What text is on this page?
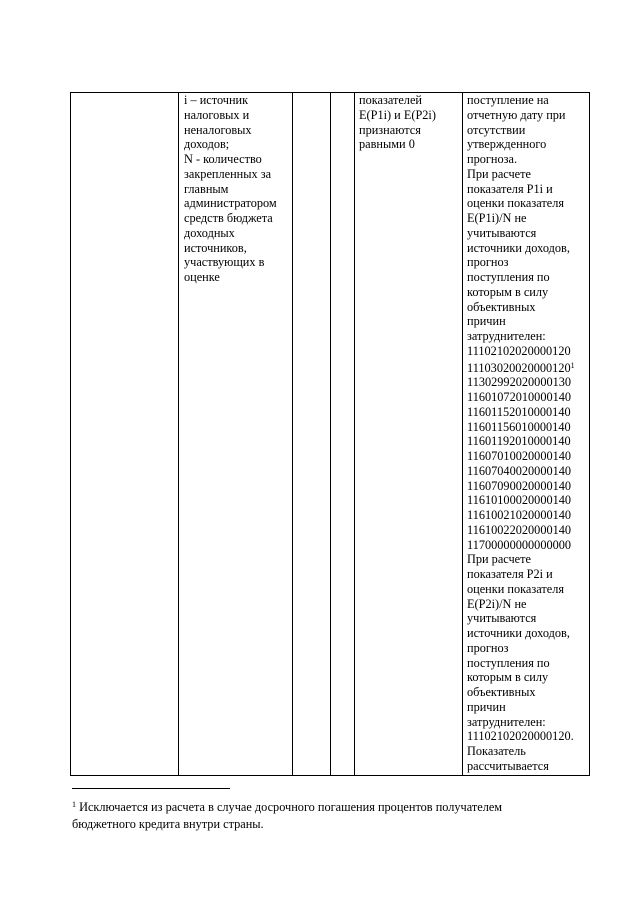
i – источник
налоговых и
неналоговых
доходов;
N - количество
закрепленных за
главным
администратором
средств бюджета
доходных
источников,
участвующих в
оценке
показателей
E(P1i) и E(P2i)
признаются
равными 0
поступление на
отчетную дату при
отсутствии
утвержденного
прогноза.
При расчете
показателя P1i и
оценки показателя
E(P1i)/N не
учитываются
источники доходов,
прогноз
поступления по
которым в силу
объективных
причин
затруднителен:
11102102020000120
11103020020000120$^1$
11302992020000130
11601072010000140
11601152010000140
11601156010000140
11601192010000140
11607010020000140
11607040020000140
11607090020000140
11610100020000140
11610021020000140
11610022020000140
11700000000000000
При расчете
показателя P2i и
оценки показателя
E(P2i)/N не
учитываются
источники доходов,
прогноз
поступления по
которым в силу
объективных
причин
затруднителен:
11102102020000120.
Показатель
рассчитывается
$^1$ Исключается из расчета в случае досрочного погашения процентов получателем
бюджетного кредита внутри страны.
